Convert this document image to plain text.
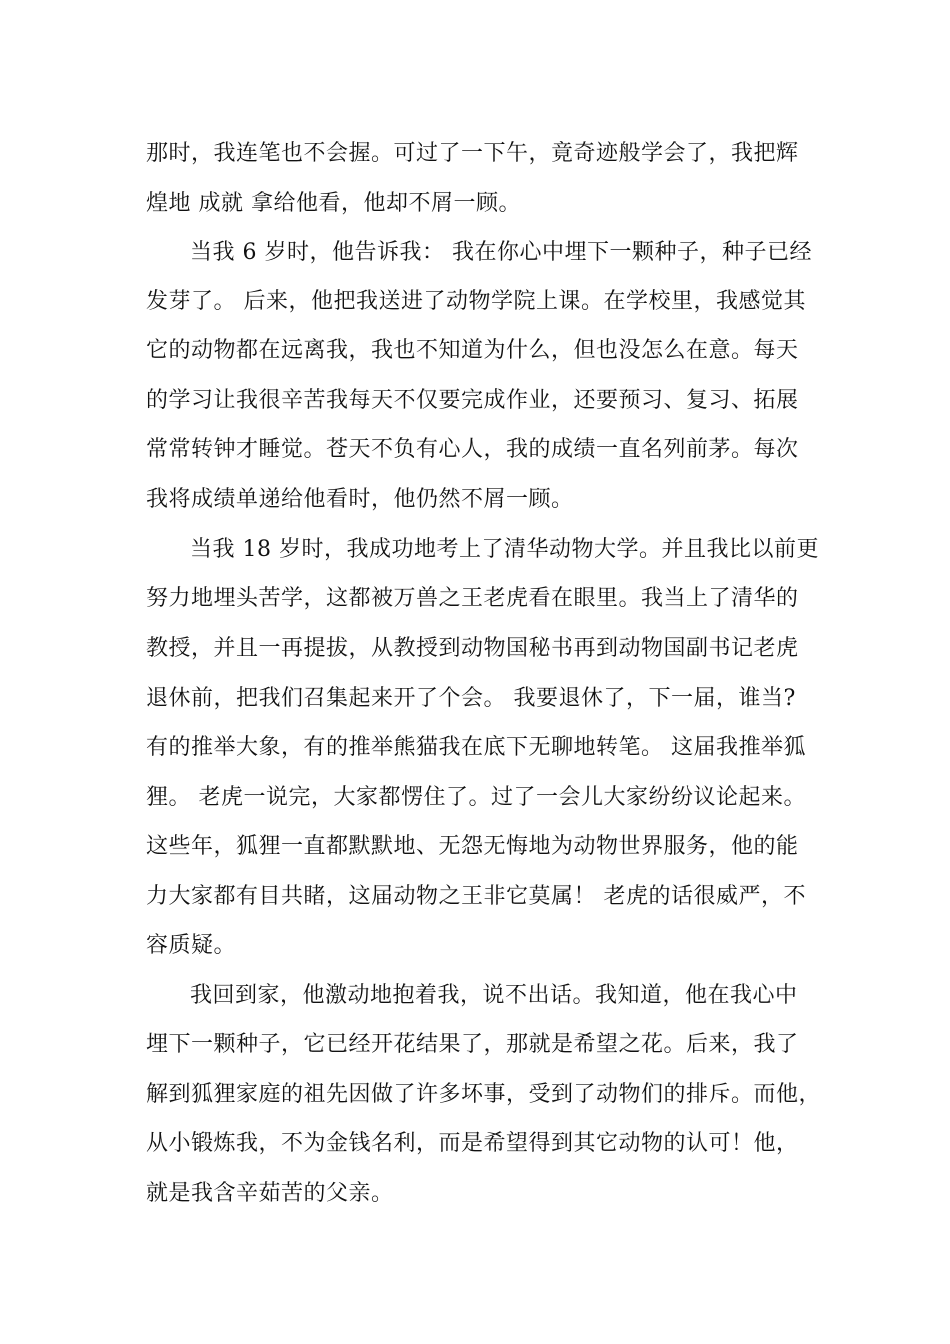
那时，我连笔也不会握。可过了一下午，竟奇迹般学会了，我把辉
煌地 成就 拿给他看，他却不屑一顾。
当我 6 岁时，他告诉我： 我在你心中埋下一颗种子，种子已经
发芽了。 后来，他把我送进了动物学院上课。在学校里，我感觉其
它的动物都在远离我，我也不知道为什么，但也没怎么在意。每天
的学习让我很辛苦我每天不仅要完成作业，还要预习、复习、拓展
常常转钟才睡觉。苍天不负有心人，我的成绩一直名列前茅。每次
我将成绩单递给他看时，他仍然不屑一顾。
当我 18 岁时，我成功地考上了清华动物大学。并且我比以前更
努力地埋头苦学，这都被万兽之王老虎看在眼里。我当上了清华的
教授，并且一再提拔，从教授到动物国秘书再到动物国副书记老虎
退休前，把我们召集起来开了个会。 我要退休了，下一届，谁当?
有的推举大象，有的推举熊猫我在底下无聊地转笔。 这届我推举狐
狸。 老虎一说完，大家都愣住了。过了一会儿大家纷纷议论起来。
这些年，狐狸一直都默默地、无怨无悔地为动物世界服务，他的能
力大家都有目共睹，这届动物之王非它莫属！ 老虎的话很威严，不
容质疑。
我回到家，他激动地抱着我，说不出话。我知道，他在我心中
埋下一颗种子，它已经开花结果了，那就是希望之花。后来，我了
解到狐狸家庭的祖先因做了许多坏事，受到了动物们的排斥。而他，
从小锻炼我，不为金钱名利，而是希望得到其它动物的认可！他，
就是我含辛茹苦的父亲。
